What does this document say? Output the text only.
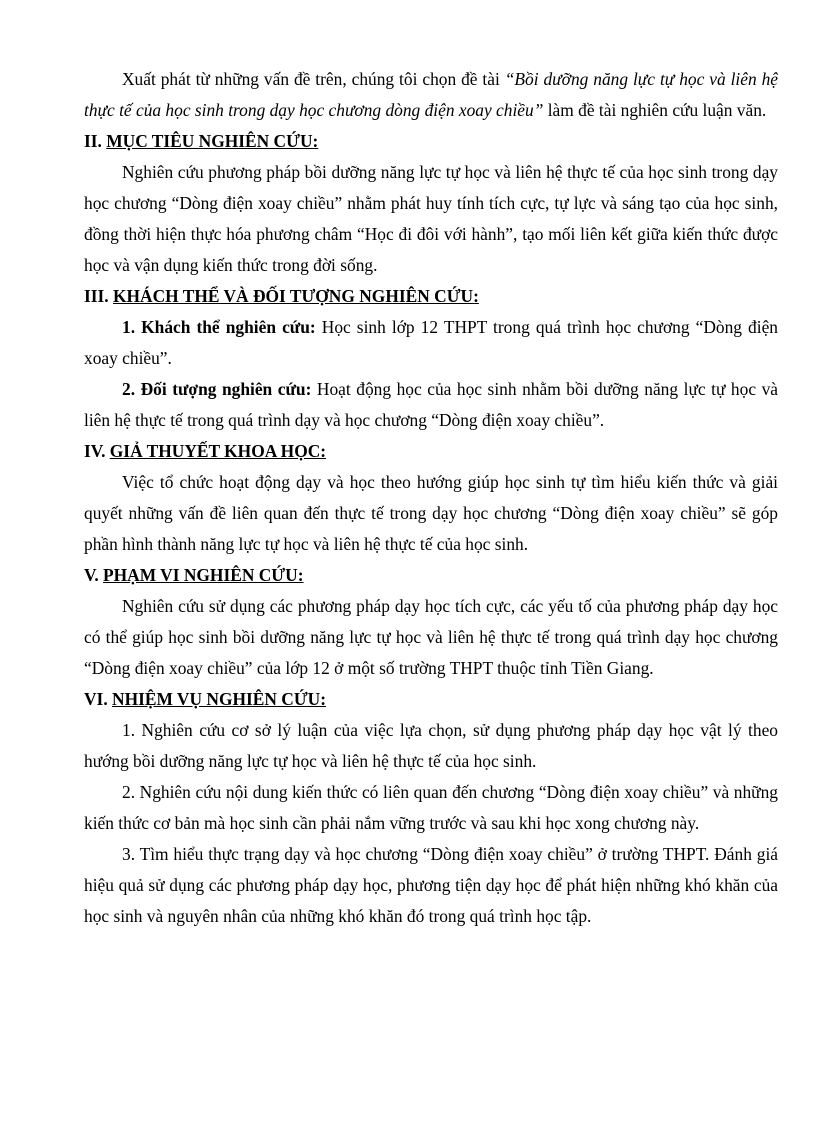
Xuất phát từ những vấn đề trên, chúng tôi chọn đề tài “Bồi dưỡng năng lực tự học và liên hệ thực tế của học sinh trong dạy học chương dòng điện xoay chiều” làm đề tài nghiên cứu luận văn.

II. MỤC TIÊU NGHIÊN CỨU:

Nghiên cứu phương pháp bồi dưỡng năng lực tự học và liên hệ thực tế của học sinh trong dạy học chương “Dòng điện xoay chiều” nhằm phát huy tính tích cực, tự lực và sáng tạo của học sinh, đồng thời hiện thực hóa phương châm “Học đi đôi với hành”, tạo mối liên kết giữa kiến thức được học và vận dụng kiến thức trong đời sống.

III. KHÁCH THỂ VÀ ĐỐI TƯỢNG NGHIÊN CỨU:

1. Khách thể nghiên cứu: Học sinh lớp 12 THPT trong quá trình học chương “Dòng điện xoay chiều”.

2. Đối tượng nghiên cứu: Hoạt động học của học sinh nhằm bồi dưỡng năng lực tự học và liên hệ thực tế trong quá trình dạy và học chương “Dòng điện xoay chiều”.

IV. GIẢ THUYẾT KHOA HỌC:

Việc tổ chức hoạt động dạy và học theo hướng giúp học sinh tự tìm hiểu kiến thức và giải quyết những vấn đề liên quan đến thực tế trong dạy học chương “Dòng điện xoay chiều” sẽ góp phần hình thành năng lực tự học và liên hệ thực tế của học sinh.

V. PHẠM VI NGHIÊN CỨU:

Nghiên cứu sử dụng các phương pháp dạy học tích cực, các yếu tố của phương pháp dạy học có thể giúp học sinh bồi dưỡng năng lực tự học và liên hệ thực tế trong quá trình dạy học chương “Dòng điện xoay chiều” của lớp 12 ở một số trường THPT thuộc tỉnh Tiền Giang.

VI. NHIỆM VỤ NGHIÊN CỨU:

1. Nghiên cứu cơ sở lý luận của việc lựa chọn, sử dụng phương pháp dạy học vật lý theo hướng bồi dưỡng năng lực tự học và liên hệ thực tế của học sinh.

2. Nghiên cứu nội dung kiến thức có liên quan đến chương “Dòng điện xoay chiều” và những kiến thức cơ bản mà học sinh cần phải nắm vững trước và sau khi học xong chương này.

3. Tìm hiểu thực trạng dạy và học chương “Dòng điện xoay chiều” ở trường THPT. Đánh giá hiệu quả sử dụng các phương pháp dạy học, phương tiện dạy học để phát hiện những khó khăn của học sinh và nguyên nhân của những khó khăn đó trong quá trình học tập.
